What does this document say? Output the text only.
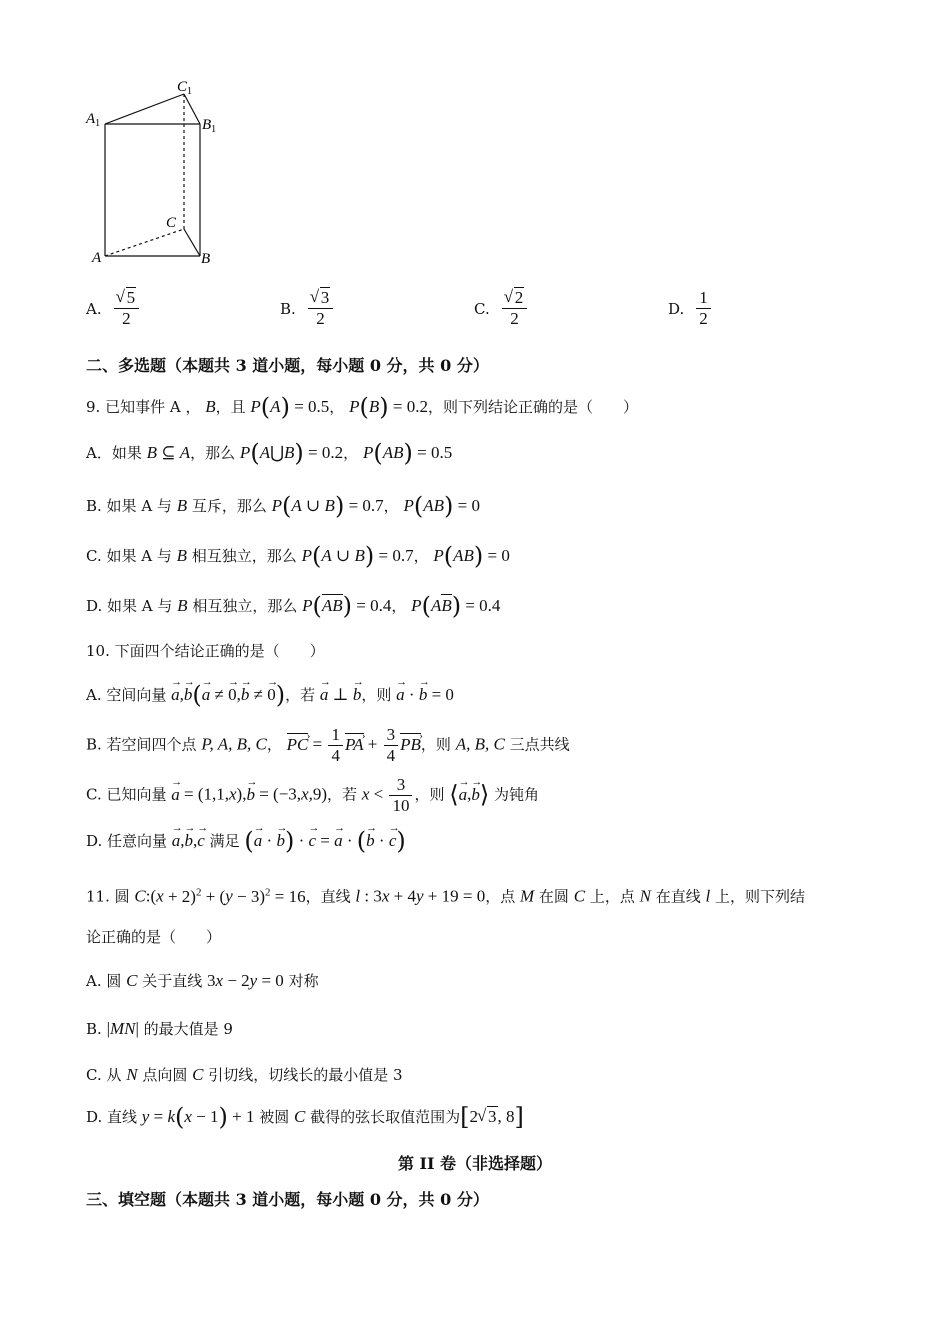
$A_1$
$C_1$
$B_1$
C
A	B
A. √ $\frac{5}{2}$	B. √ $\frac{3}{2}$	C. √ $\frac{2}{2}$	D. $\frac{1}{2}$
二、多选题（本题共 3 道小题，每小题 0 分，共 0 分）
9. 已知事件 A ， B，且 P(A) = 0.5， P(B) = 0.2，则下列结论正确的是（　　）
A．如果 B ⊆ A，那么 P(A⋃B) = 0.2， P(AB) = 0.5
B. 如果 A 与 B 互斥，那么 P(A ∪ B) = 0.7， P(AB) = 0
C. 如果 A 与 B 相互独立，那么 P(A ∪ B) = 0.7， P(AB) = 0
D. 如果 A 与 B 相互独立，那么 P(AB) = 0.4， P(AB) = 0.4
10. 下面四个结论正确的是（　　）
A. 空间向量 a →,b →(a → ≠ 0 →,b → ≠ 0 →)，若 a → ⊥ b →，则 a → · b → = 0
B. 若空间四个点 P, A, B, C， PC › = $\frac{1}{4}$ PA › + $\frac{3}{4}$ PB ›，则 A, B, C 三点共线
C. 已知向量 a → = (1,1,x),b → = (−3,x,9)，若 $x < \frac{3}{10}$ ，则 ⟨a →,b →⟩ 为钝角
D. 任意向量 a →,b →,c → 满足 (a → · b →) · c → = a → · (b → · c →)
11. 圆 C:(x + $2)^2 + (y - 3)^2 = 16$，直线 l : 3x + 4y + 19 = 0，点 M 在圆 C 上，点 N 在直线 l 上，则下列结
论正确的是（　　）
A. 圆 C 关于直线 3x − 2y = 0 对称
B. |MN| 的最大值是 9
C. 从 N 点向圆 C 引切线，切线长的最小值是 3
D. 直线 y = k(x − 1) + 1 被圆 C 截得的弦长取值范围为[2 √ 3, 8]
第 II 卷（非选择题）
三、填空题（本题共 3 道小题，每小题 0 分，共 0 分）
